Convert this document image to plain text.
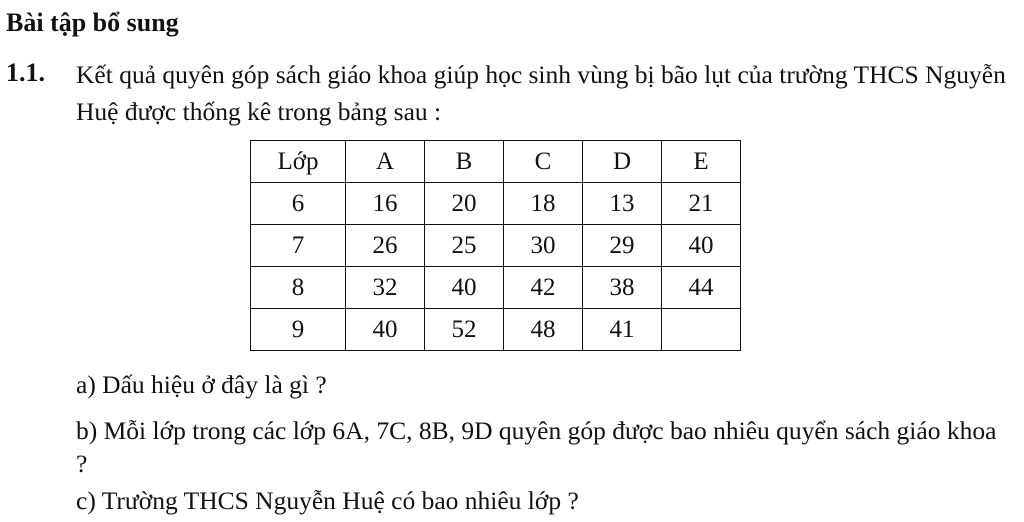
Bài tập bổ sung
1.1. Kết quả quyên góp sách giáo khoa giúp học sinh vùng bị bão lụt của trường THCS Nguyễn Huệ được thống kê trong bảng sau :
Lớp	A	B	C	D	E
6	16	20	18	13	21
7	26	25	30	29	40
8	32	40	42	38	44
9	40	52	48	41	
a) Dấu hiệu ở đây là gì ?
b) Mỗi lớp trong các lớp 6A, 7C, 8B, 9D quyên góp được bao nhiêu quyển sách giáo khoa ?
c) Trường THCS Nguyễn Huệ có bao nhiêu lớp ?
